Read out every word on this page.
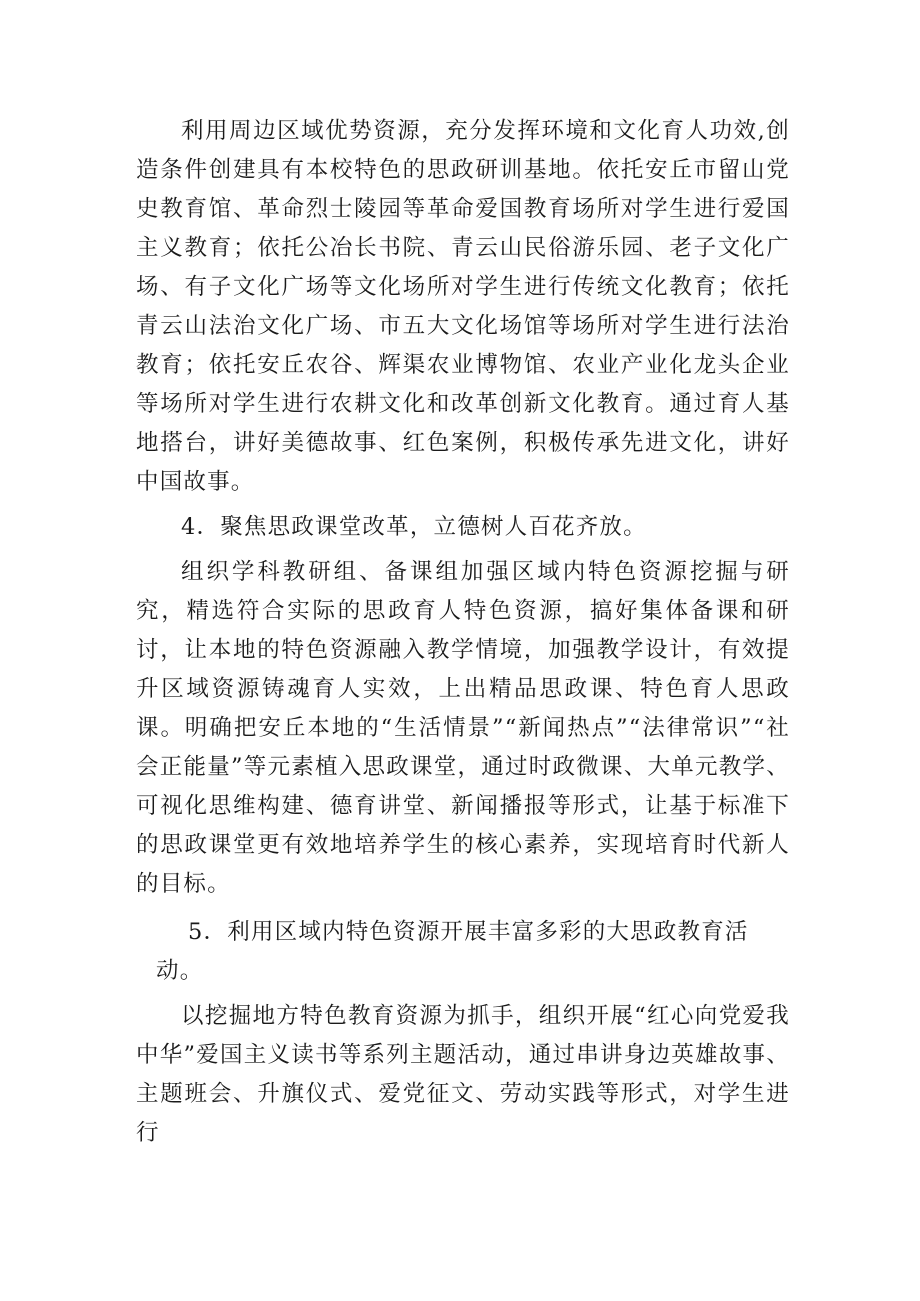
利用周边区域优势资源，充分发挥环境和文化育人功效,创造条件创建具有本校特色的思政研训基地。依托安丘市留山党史教育馆、革命烈士陵园等革命爱国教育场所对学生进行爱国主义教育；依托公冶长书院、青云山民俗游乐园、老子文化广场、有子文化广场等文化场所对学生进行传统文化教育；依托青云山法治文化广场、市五大文化场馆等场所对学生进行法治教育；依托安丘农谷、辉渠农业博物馆、农业产业化龙头企业等场所对学生进行农耕文化和改革创新文化教育。通过育人基地搭台，讲好美德故事、红色案例，积极传承先进文化，讲好中国故事。

4．聚焦思政课堂改革，立德树人百花齐放。

组织学科教研组、备课组加强区域内特色资源挖掘与研究，精选符合实际的思政育人特色资源，搞好集体备课和研讨，让本地的特色资源融入教学情境，加强教学设计，有效提升区域资源铸魂育人实效，上出精品思政课、特色育人思政课。明确把安丘本地的“生活情景”“新闻热点”“法律常识”“社会正能量”等元素植入思政课堂，通过时政微课、大单元教学、可视化思维构建、德育讲堂、新闻播报等形式，让基于标准下的思政课堂更有效地培养学生的核心素养，实现培育时代新人的目标。

5．利用区域内特色资源开展丰富多彩的大思政教育活

动。

以挖掘地方特色教育资源为抓手，组织开展“红心向党爱我中华”爱国主义读书等系列主题活动，通过串讲身边英雄故事、主题班会、升旗仪式、爱党征文、劳动实践等形式，对学生进行
